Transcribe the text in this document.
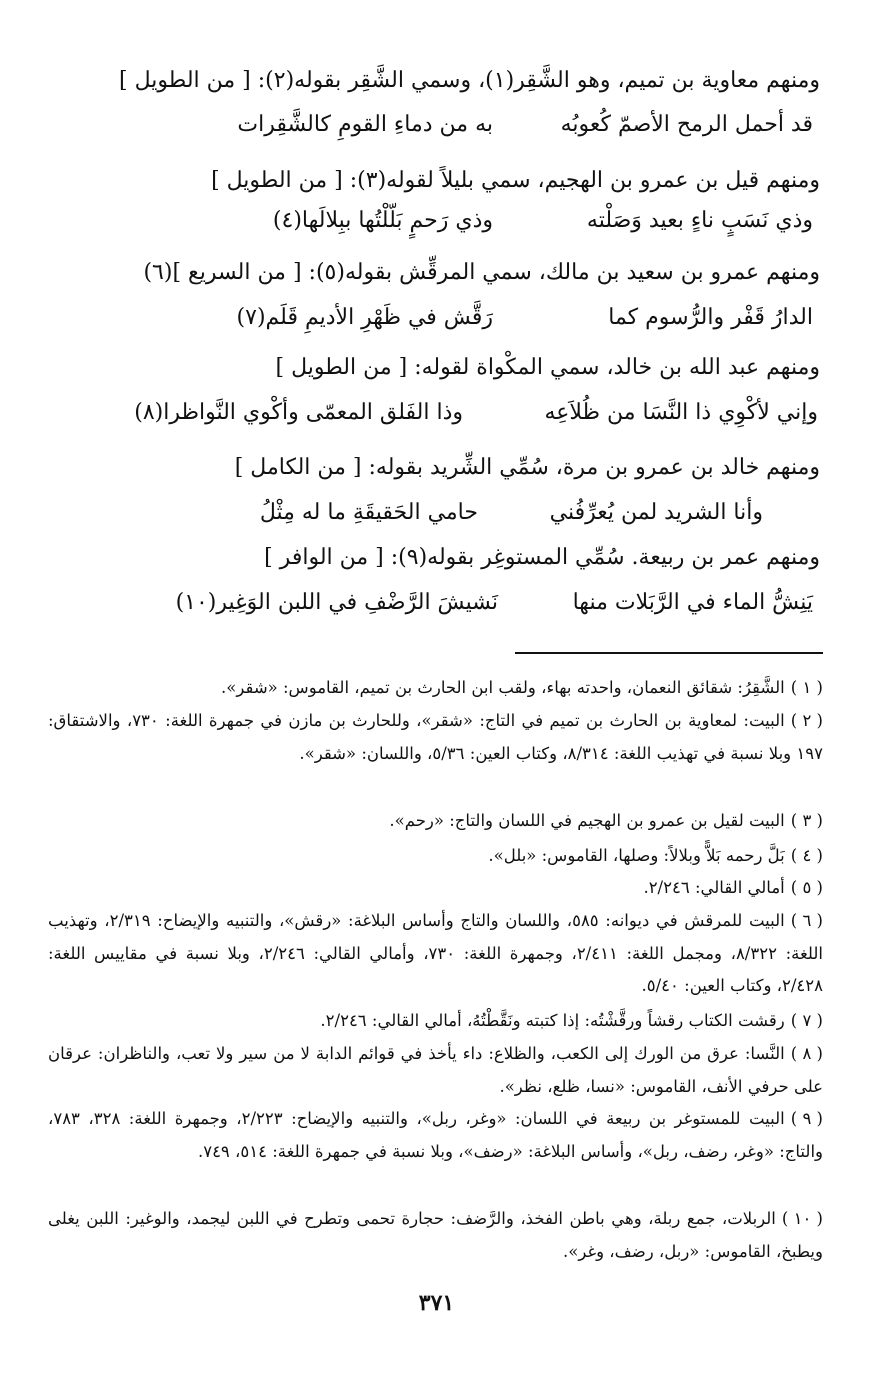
ومنهم معاوية بن تميم، وهو الشَّقِر(١)، وسمي الشَّقِر بقوله(٢): [ من الطويل ]
قد أحمل الرمح الأصمّ كُعوبُه
به من دماءِ القومِ كالشَّقِرات
ومنهم قيل بن عمرو بن الهجيم، سمي بليلاً لقوله(٣): [ من الطويل ]
وذي نَسَبٍ ناءٍ بعيد وَصَلْته
وذي رَحمٍ بَلّلْتُها ببِلالَها(٤)
ومنهم عمرو بن سعيد بن مالك، سمي المرقِّش بقوله(٥): [ من السريع ](٦)
الدارُ قَفْر والرُّسوم كما
رَقَّش في ظَهْرِ الأديمِ قَلَم(٧)
ومنهم عبد الله بن خالد، سمي المكْواة لقوله: [ من الطويل ]
وإني لأكْوِي ذا النَّسَا من ظُلاَعِه
وذا الفَلق المعمّى وأكْوي النَّواظرا(٨)
ومنهم خالد بن عمرو بن مرة، سُمِّي الشِّريد بقوله: [ من الكامل ]
وأنا الشريد لمن يُعرِّفُني
حامي الحَقيقَةِ ما له مِثْلُ
ومنهم عمر بن ربيعة. سُمِّي المستوغِر بقوله(٩): [ من الوافر ]
يَنِشُّ الماء في الرَّبَلات منها
نَشيشَ الرَّضْفِ في اللبن الوَغِير(١٠)
( ١ )الشَّقِرُ: شقائق النعمان، واحدته بهاء، ولقب ابن الحارث بن تميم، القاموس: «شقر».
( ٢ )البيت: لمعاوية بن الحارث بن تميم في التاج: «شقر»، وللحارث بن مازن في جمهرة اللغة: ٧٣٠، والاشتقاق: ١٩٧ وبلا نسبة في تهذيب اللغة: ٨/٣١٤، وكتاب العين: ٥/٣٦، واللسان: «شقر».
( ٣ )البيت لقيل بن عمرو بن الهجيم في اللسان والتاج: «رحم».
( ٤ )بَلَّ رحمه بَلاًّ وبلالاً: وصلها، القاموس: «بلل».
( ٥ )أمالي القالي: ٢/٢٤٦.
( ٦ )البيت للمرقش في ديوانه: ٥٨٥، واللسان والتاج وأساس البلاغة: «رقش»، والتنبيه والإيضاح: ٢/٣١٩، وتهذيب اللغة: ٨/٣٢٢، ومجمل اللغة: ٢/٤١١، وجمهرة اللغة: ٧٣٠، وأمالي القالي: ٢/٢٤٦، وبلا نسبة في مقاييس اللغة: ٢/٤٢٨، وكتاب العين: ٥/٤٠.
( ٧ )رقشت الكتاب رقشاً ورقَّشْتُه: إذا كتبته ونَقَّطْتُهُ، أمالي القالي: ٢/٢٤٦.
( ٨ )النَّسا: عرق من الورك إلى الكعب، والظلاع: داء يأخذ في قوائم الدابة لا من سير ولا تعب، والناظران: عرقان على حرفي الأنف، القاموس: «نسا، ظلع، نظر».
( ٩ )البيت للمستوغر بن ربيعة في اللسان: «وغر، ربل»، والتنبيه والإيضاح: ٢/٢٢٣، وجمهرة اللغة: ٣٢٨، ٧٨٣، والتاج: «وغر، رضف، ربل»، وأساس البلاغة: «رضف»، وبلا نسبة في جمهرة اللغة: ٥١٤، ٧٤٩.
( ١٠ )الربلات، جمع ربلة، وهي باطن الفخذ، والرَّضف: حجارة تحمى وتطرح في اللبن ليجمد، والوغير: اللبن يغلى ويطبخ، القاموس: «ربل، رضف، وغر».
٣٧١
